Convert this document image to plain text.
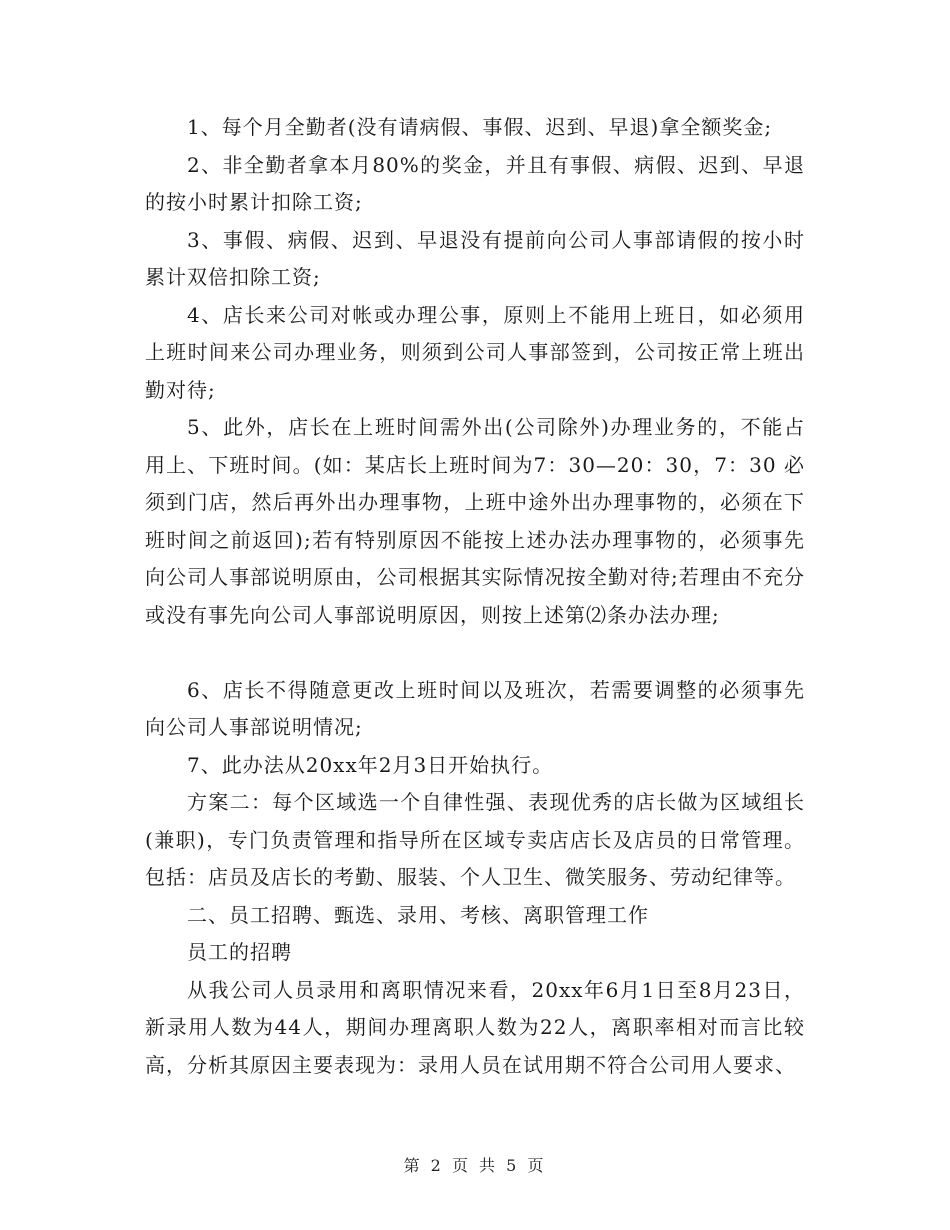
1、每个月全勤者(没有请病假、事假、迟到、早退)拿全额奖金;

2、非全勤者拿本月80%的奖金，并且有事假、病假、迟到、早退的按小时累计扣除工资;

3、事假、病假、迟到、早退没有提前向公司人事部请假的按小时累计双倍扣除工资;

4、店长来公司对帐或办理公事，原则上不能用上班日，如必须用上班时间来公司办理业务，则须到公司人事部签到，公司按正常上班出勤对待;

5、此外，店长在上班时间需外出(公司除外)办理业务的，不能占用上、下班时间。(如：某店长上班时间为7：30—20：30，7：30 必须到门店，然后再外出办理事物，上班中途外出办理事物的，必须在下班时间之前返回);若有特别原因不能按上述办法办理事物的，必须事先向公司人事部说明原由，公司根据其实际情况按全勤对待;若理由不充分或没有事先向公司人事部说明原因，则按上述第⑵条办法办理;

6、店长不得随意更改上班时间以及班次，若需要调整的必须事先向公司人事部说明情况;

7、此办法从20xx年2月3日开始执行。

方案二：每个区域选一个自律性强、表现优秀的店长做为区域组长(兼职)，专门负责管理和指导所在区域专卖店店长及店员的日常管理。包括：店员及店长的考勤、服装、个人卫生、微笑服务、劳动纪律等。

二、员工招聘、甄选、录用、考核、离职管理工作

员工的招聘

从我公司人员录用和离职情况来看，20xx年6月1日至8月23日，新录用人数为44人，期间办理离职人数为22人，离职率相对而言比较高，分析其原因主要表现为：录用人员在试用期不符合公司用人要求、

第 2 页 共 5 页
